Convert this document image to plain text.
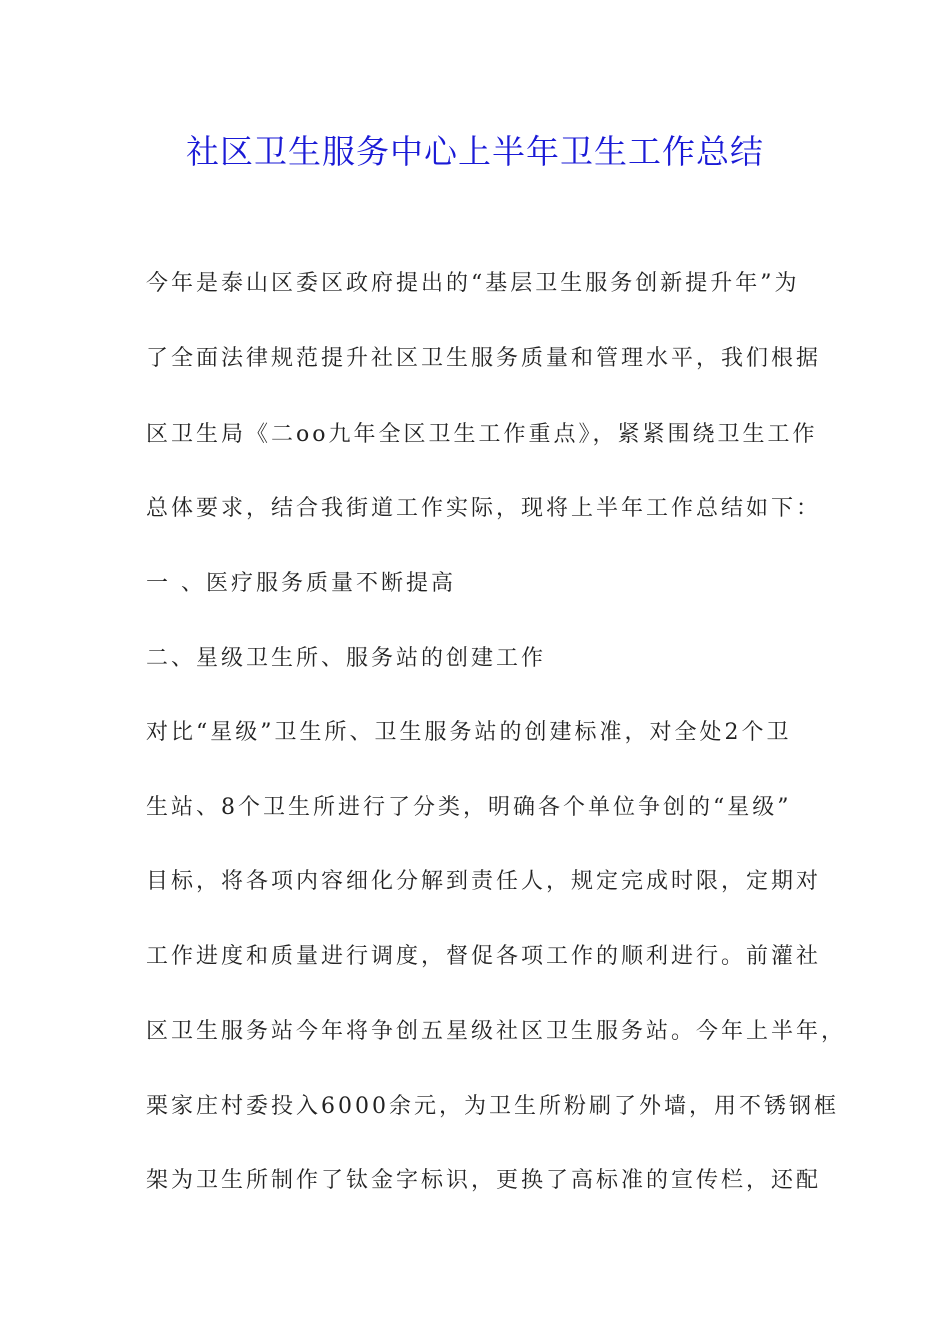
社区卫生服务中心上半年卫生工作总结
今年是泰山区委区政府提出的“基层卫生服务创新提升年”为
了全面法律规范提升社区卫生服务质量和管理水平，我们根据
区卫生局《二oo九年全区卫生工作重点》，紧紧围绕卫生工作
总体要求，结合我街道工作实际，现将上半年工作总结如下：
一 、医疗服务质量不断提高
二、星级卫生所、服务站的创建工作
对比“星级”卫生所、卫生服务站的创建标准，对全处2个卫
生站、8个卫生所进行了分类，明确各个单位争创的“星级”
目标，将各项内容细化分解到责任人，规定完成时限，定期对
工作进度和质量进行调度，督促各项工作的顺利进行。前灌社
区卫生服务站今年将争创五星级社区卫生服务站。今年上半年，
栗家庄村委投入6000余元，为卫生所粉刷了外墙，用不锈钢框
架为卫生所制作了钛金字标识，更换了高标准的宣传栏，还配
